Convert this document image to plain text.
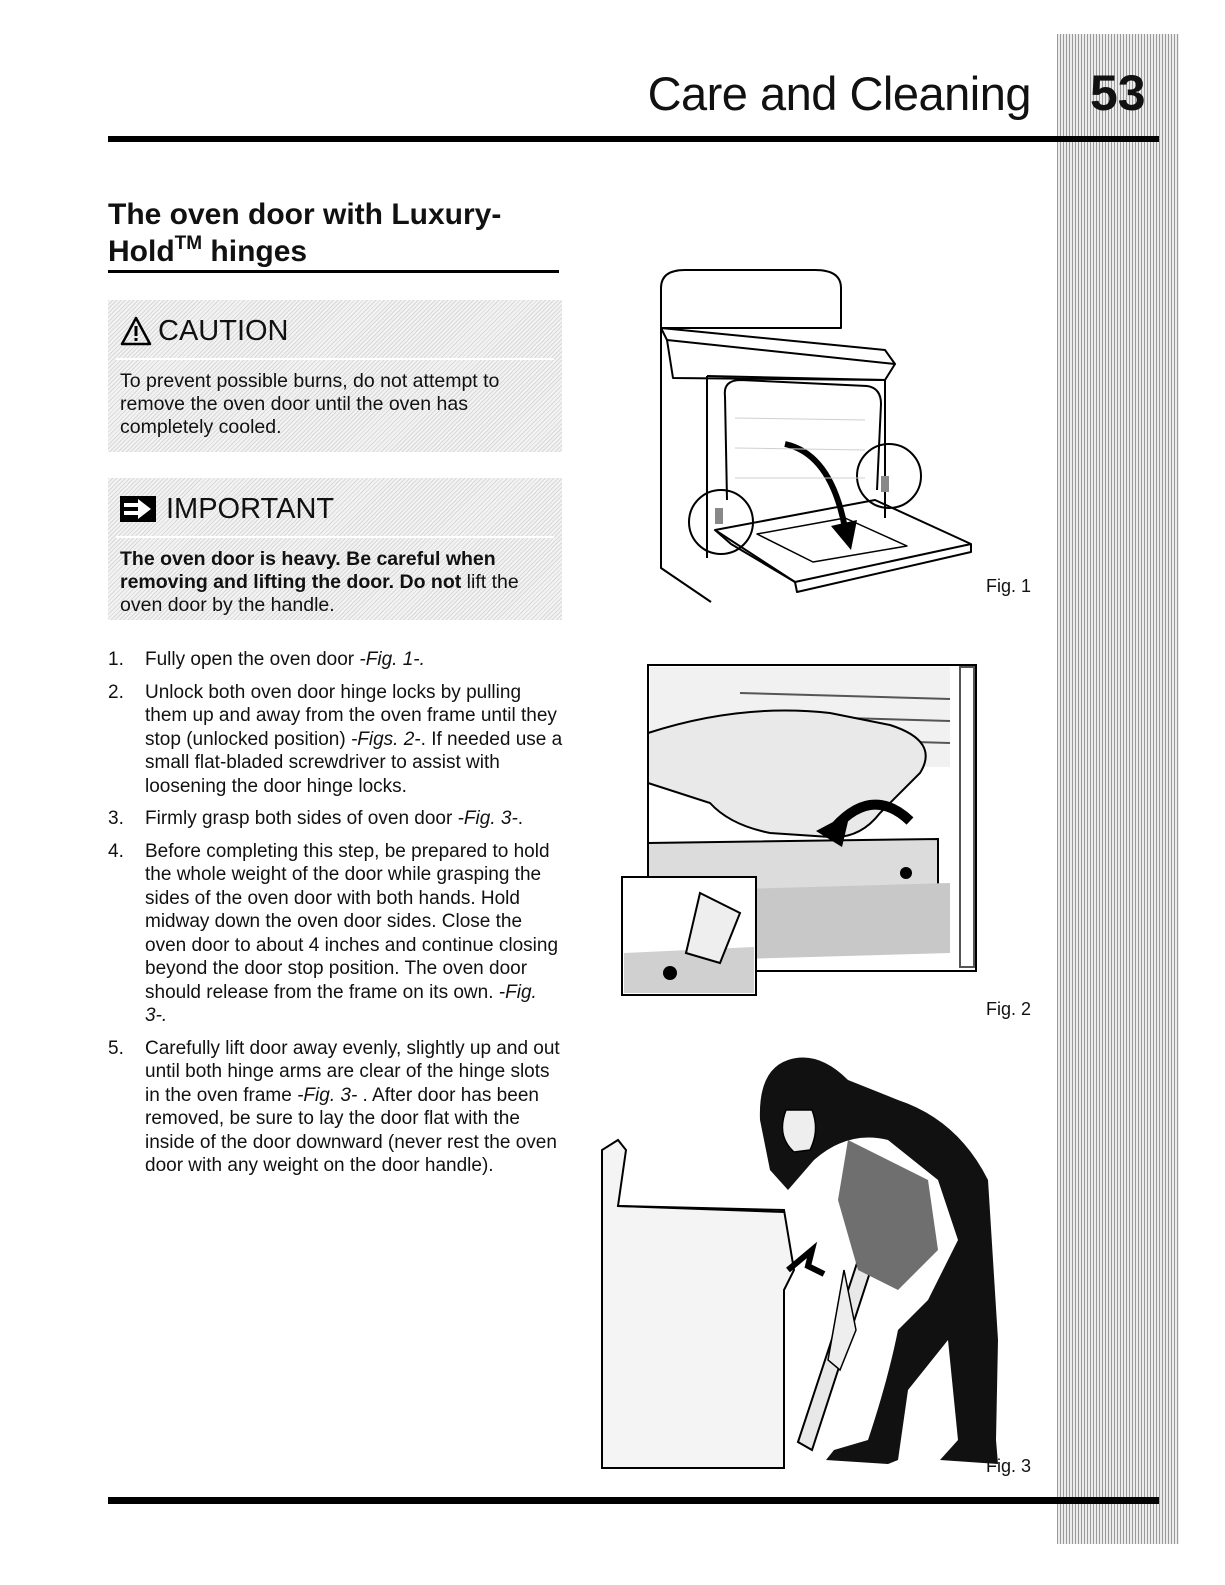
Care and Cleaning 53
The oven door with Luxury-
Hold™ hinges
CAUTION
To prevent possible burns, do not attempt to remove the oven door until the oven has completely cooled.
IMPORTANT
The oven door is heavy. Be careful when removing and lifting the door. Do not lift the oven door by the handle.
1. Fully open the oven door -Fig. 1-.
2. Unlock both oven door hinge locks by pulling them up and away from the oven frame until they stop (unlocked position) -Figs. 2-. If needed use a small flat-bladed screwdriver to assist with loosening the door hinge locks.
3. Firmly grasp both sides of oven door -Fig. 3-.
4. Before completing this step, be prepared to hold the whole weight of the door while grasping the sides of the oven door with both hands. Hold midway down the oven door sides. Close the oven door to about 4 inches and continue closing beyond the door stop position. The oven door should release from the frame on its own. -Fig. 3-.
5. Carefully lift door away evenly, slightly up and out until both hinge arms are clear of the hinge slots in the oven frame -Fig. 3- . After door has been removed, be sure to lay the door flat with the inside of the door downward (never rest the oven door with any weight on the door handle).
Fig. 1
Fig. 2
Fig. 3
